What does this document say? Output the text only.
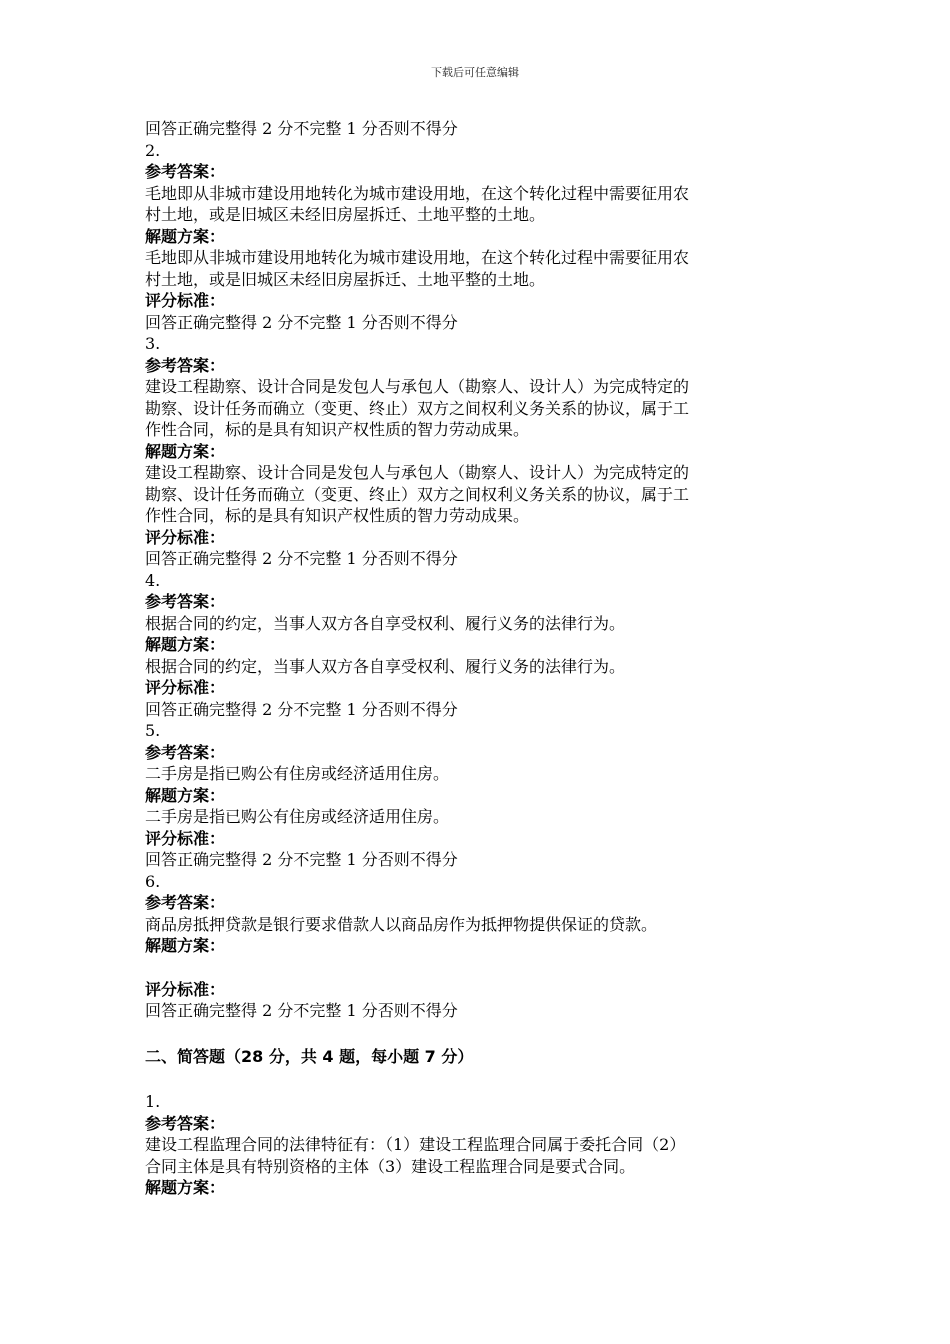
下载后可任意编辑
回答正确完整得 2 分不完整 1 分否则不得分
2.
参考答案：
毛地即从非城市建设用地转化为城市建设用地，在这个转化过程中需要征用农
村土地，或是旧城区未经旧房屋拆迁、土地平整的土地。
解题方案：
毛地即从非城市建设用地转化为城市建设用地，在这个转化过程中需要征用农
村土地，或是旧城区未经旧房屋拆迁、土地平整的土地。
评分标准：
回答正确完整得 2 分不完整 1 分否则不得分
3.
参考答案：
建设工程勘察、设计合同是发包人与承包人（勘察人、设计人）为完成特定的
勘察、设计任务而确立（变更、终止）双方之间权利义务关系的协议，属于工
作性合同，标的是具有知识产权性质的智力劳动成果。
解题方案：
建设工程勘察、设计合同是发包人与承包人（勘察人、设计人）为完成特定的
勘察、设计任务而确立（变更、终止）双方之间权利义务关系的协议，属于工
作性合同，标的是具有知识产权性质的智力劳动成果。
评分标准：
回答正确完整得 2 分不完整 1 分否则不得分
4.
参考答案：
根据合同的约定，当事人双方各自享受权利、履行义务的法律行为。
解题方案：
根据合同的约定，当事人双方各自享受权利、履行义务的法律行为。
评分标准：
回答正确完整得 2 分不完整 1 分否则不得分
5.
参考答案：
二手房是指已购公有住房或经济适用住房。
解题方案：
二手房是指已购公有住房或经济适用住房。
评分标准：
回答正确完整得 2 分不完整 1 分否则不得分
6.
参考答案：
商品房抵押贷款是银行要求借款人以商品房作为抵押物提供保证的贷款。
解题方案：
评分标准：
回答正确完整得 2 分不完整 1 分否则不得分
二、简答题（28 分，共 4 题，每小题 7 分）
1.
参考答案：
建设工程监理合同的法律特征有：（1）建设工程监理合同属于委托合同（2）
合同主体是具有特别资格的主体（3）建设工程监理合同是要式合同。
解题方案：
